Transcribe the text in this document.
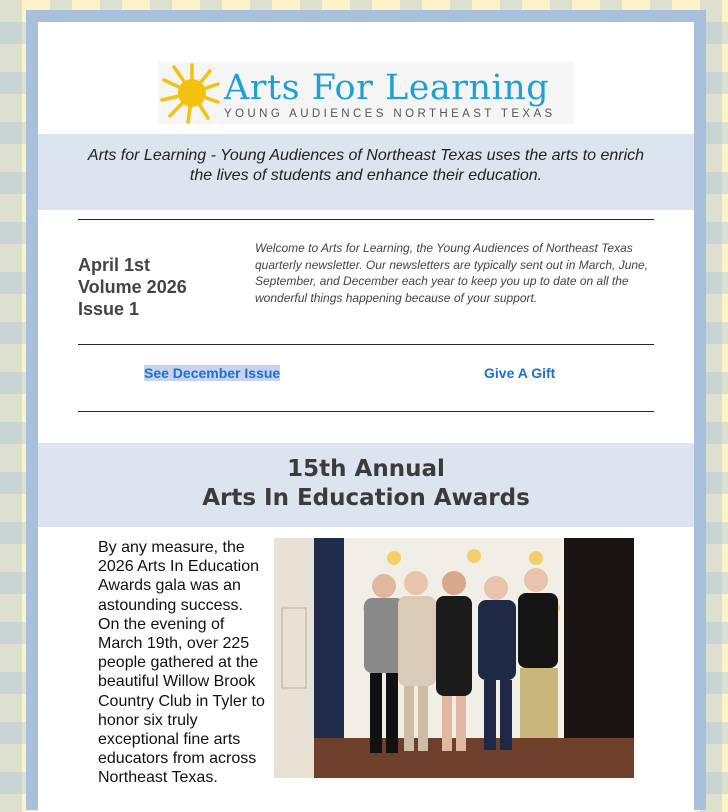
Arts For Learning
YOUNG AUDIENCES NORTHEAST TEXAS

Arts for Learning - Young Audiences of Northeast Texas uses the arts to enrich the lives of students and enhance their education.

April 1st
Volume 2026
Issue 1
Welcome to Arts for Learning, the Young Audiences of Northeast Texas quarterly newsletter. Our newsletters are typically sent out in March, June, September, and December each year to keep you up to date on all the wonderful things happening because of your support.
See December Issue	Give A Gift
15th Annual
Arts In Education Awards
By any measure, the 2026 Arts In Education Awards gala was an astounding success. On the evening of March 19th, over 225 people gathered at the beautiful Willow Brook Country Club in Tyler to honor six truly exceptional fine arts educators from across Northeast Texas.
